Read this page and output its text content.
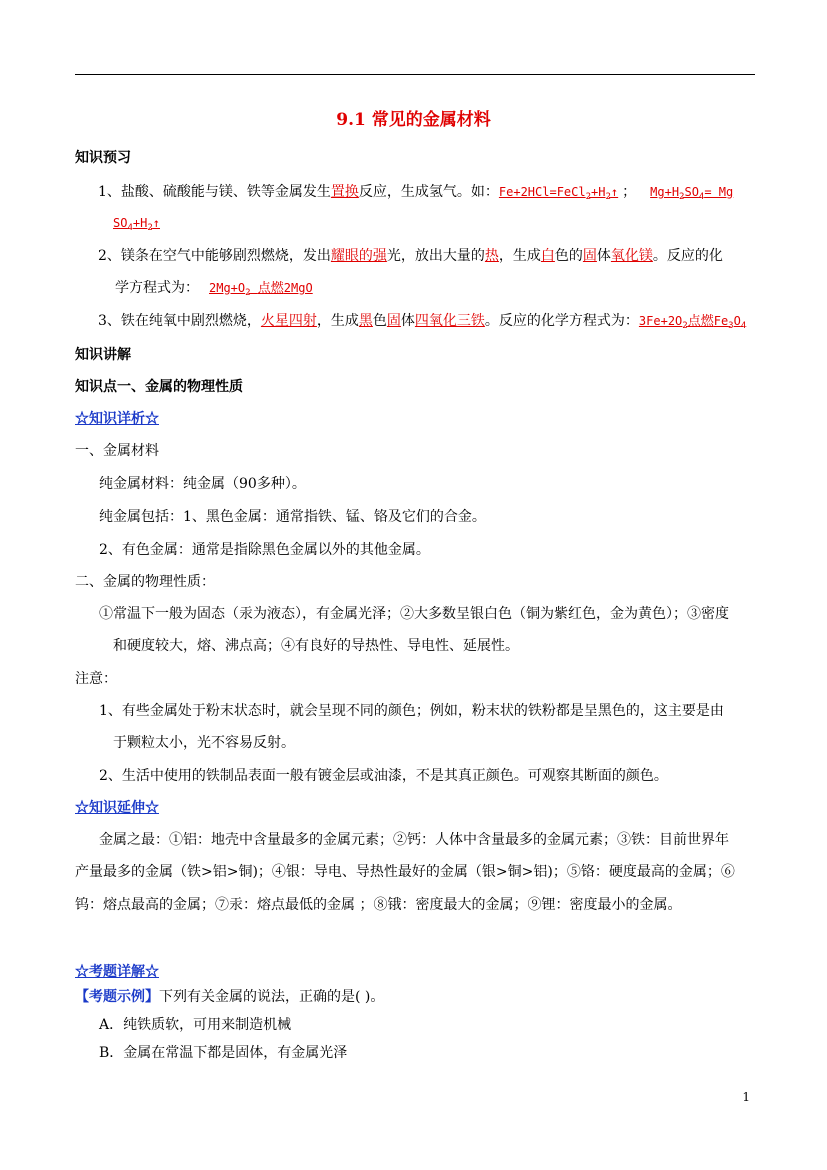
9.1 常见的金属材料
知识预习
1、盐酸、硫酸能与镁、铁等金属发生置换反应，生成氢气。如：$Fe+2HCl=FeCl_2+H_2↑$ ； $Mg+H_2SO_4= Mg$
$SO_4+H_2↑$
2、镁条在空气中能够剧烈燃烧，发出耀眼的强光，放出大量的热，生成白色的固体氧化镁。反应的化
学方程式为： $2Mg+O_2$ 点燃2MgO
3、铁在纯氧中剧烈燃烧，火星四射，生成黑色固体四氧化三铁。反应的化学方程式为：$3Fe+2O_2$点燃$Fe_3O_4$
知识讲解
知识点一、金属的物理性质
☆知识详析☆
一、金属材料
纯金属材料：纯金属（90多种）。
纯金属包括：1、黑色金属：通常指铁、锰、铬及它们的合金。
2、有色金属：通常是指除黑色金属以外的其他金属。
二、金属的物理性质：
①常温下一般为固态（汞为液态），有金属光泽；②大多数呈银白色（铜为紫红色，金为黄色）；③密度
和硬度较大，熔、沸点高；④有良好的导热性、导电性、延展性。
注意：
1、有些金属处于粉末状态时，就会呈现不同的颜色；例如，粉末状的铁粉都是呈黑色的，这主要是由
于颗粒太小，光不容易反射。
2、生活中使用的铁制品表面一般有镀金层或油漆，不是其真正颜色。可观察其断面的颜色。
☆知识延伸☆
金属之最：①铝：地壳中含量最多的金属元素；②钙：人体中含量最多的金属元素；③铁：目前世界年
产量最多的金属（铁>铝>铜)；④银：导电、导热性最好的金属（银>铜>铝)；⑤铬：硬度最高的金属；⑥
钨：熔点最高的金属；⑦汞：熔点最低的金属 ；⑧锇：密度最大的金属；⑨锂：密度最小的金属。
☆考题详解☆
【考题示例】下列有关金属的说法，正确的是( )。
A．纯铁质软，可用来制造机械
B．金属在常温下都是固体，有金属光泽
1
